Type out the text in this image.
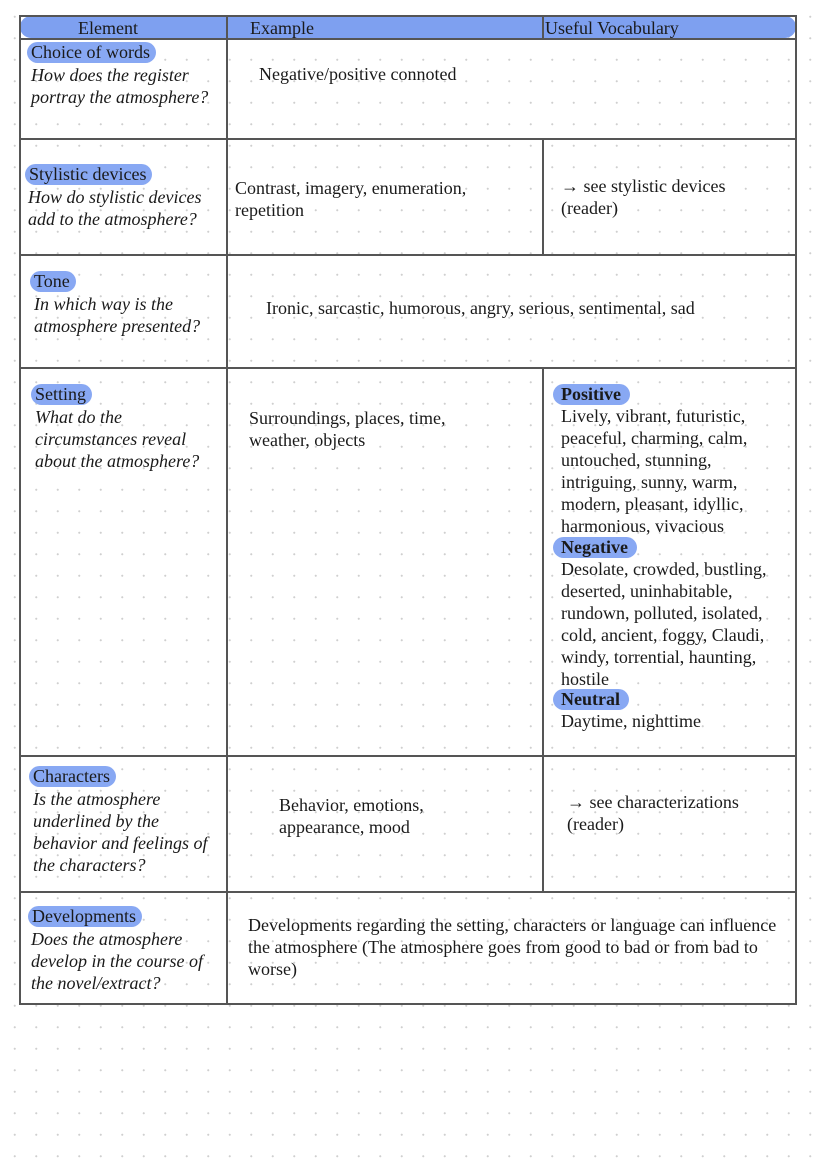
Element	Example	Useful Vocabulary
Choice of words
How does the register portray the atmosphere?
Negative/positive connoted
Stylistic devices
How do stylistic devices add to the atmosphere?
Contrast, imagery, enumeration, repetition
→ see stylistic devices (reader)
Tone
In which way is the atmosphere presented?
Ironic, sarcastic, humorous, angry, serious, sentimental, sad
Setting
What do the circumstances reveal about the atmosphere?
Surroundings, places, time, weather, objects
Positive
Lively, vibrant, futuristic, peaceful, charming, calm, untouched, stunning, intriguing, sunny, warm, modern, pleasant, idyllic, harmonious, vivacious
Negative
Desolate, crowded, bustling, deserted, uninhabitable, rundown, polluted, isolated, cold, ancient, foggy, Claudi, windy, torrential, haunting, hostile
Neutral
Daytime, nighttime
Characters
Is the atmosphere underlined by the behavior and feelings of the characters?
Behavior, emotions, appearance, mood
→ see characterizations (reader)
Developments
Does the atmosphere develop in the course of the novel/extract?
Developments regarding the setting, characters or language can influence the atmosphere (The atmosphere goes from good to bad or from bad to worse)
